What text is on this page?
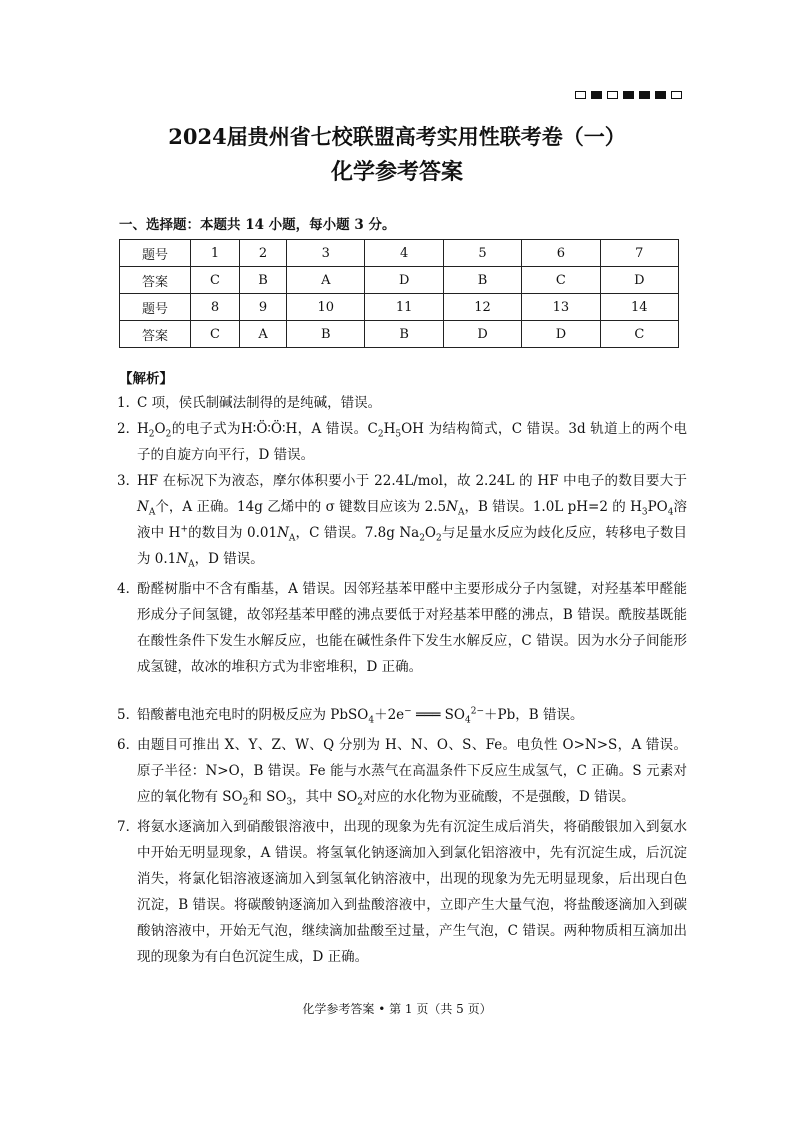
2024届贵州省七校联盟高考实用性联考卷（一）
化学参考答案
一、选择题：本题共 14 小题，每小题 3 分。
题号	1	2	3	4	5	6	7
答案	C	B	A	D	B	C	D
题号	8	9	10	11	12	13	14
答案	C	A	B	B	D	D	C
【解析】
1．
C 项，侯氏制碱法制得的是纯碱，错误。
2．
$H_2O_2$的电子式为H∶Ö∶Ö∶H，A 错误。$C_2H_5OH$ 为结构简式，C 错误。3d 轨道上的两个电子的自旋方向平行，D 错误。
3．
HF 在标况下为液态，摩尔体积要小于 22.4L/mol，故 2.24L 的 HF 中电子的数目要大于 $N_A$个，A 正确。14g 乙烯中的 σ 键数目应该为 $2.5N_A$，B 错误。1.0L pH=2 的 $H_3PO_4$溶液中 H+的数目为 $0.01N_A$，C 错误。7.8g $Na_2O_2$与足量水反应为歧化反应，转移电子数目为 $0.1N_A$，D 错误。
4．
酚醛树脂中不含有酯基，A 错误。因邻羟基苯甲醛中主要形成分子内氢键，对羟基苯甲醛能形成分子间氢键，故邻羟基苯甲醛的沸点要低于对羟基苯甲醛的沸点，B 错误。酰胺基既能在酸性条件下发生水解反应，也能在碱性条件下发生水解反应，C 错误。因为水分子间能形成氢键，故冰的堆积方式为非密堆积，D 正确。
5．
铅酸蓄电池充电时的阴极反应为 PbSO$_4$＋2e− ═══ $SO_4^{2-}+Pb$，B 错误。
6．
由题目可推出 X、Y、Z、W、Q 分别为 H、N、O、S、Fe。电负性 O>N>S，A 错误。原子半径：N>O，B 错误。Fe 能与水蒸气在高温条件下反应生成氢气，C 正确。S 元素对应的氧化物有 $SO_2$和 $SO_3$，其中 $SO_2$对应的水化物为亚硫酸，不是强酸，D 错误。
7．
将氨水逐滴加入到硝酸银溶液中，出现的现象为先有沉淀生成后消失，将硝酸银加入到氨水中开始无明显现象，A 错误。将氢氧化钠逐滴加入到氯化铝溶液中，先有沉淀生成，后沉淀消失，将氯化铝溶液逐滴加入到氢氧化钠溶液中，出现的现象为先无明显现象，后出现白色沉淀，B 错误。将碳酸钠逐滴加入到盐酸溶液中，立即产生大量气泡，将盐酸逐滴加入到碳酸钠溶液中，开始无气泡，继续滴加盐酸至过量，产生气泡，C 错误。两种物质相互滴加出现的现象为有白色沉淀生成，D 正确。
化学参考答案 • 第 1 页（共 5 页）
